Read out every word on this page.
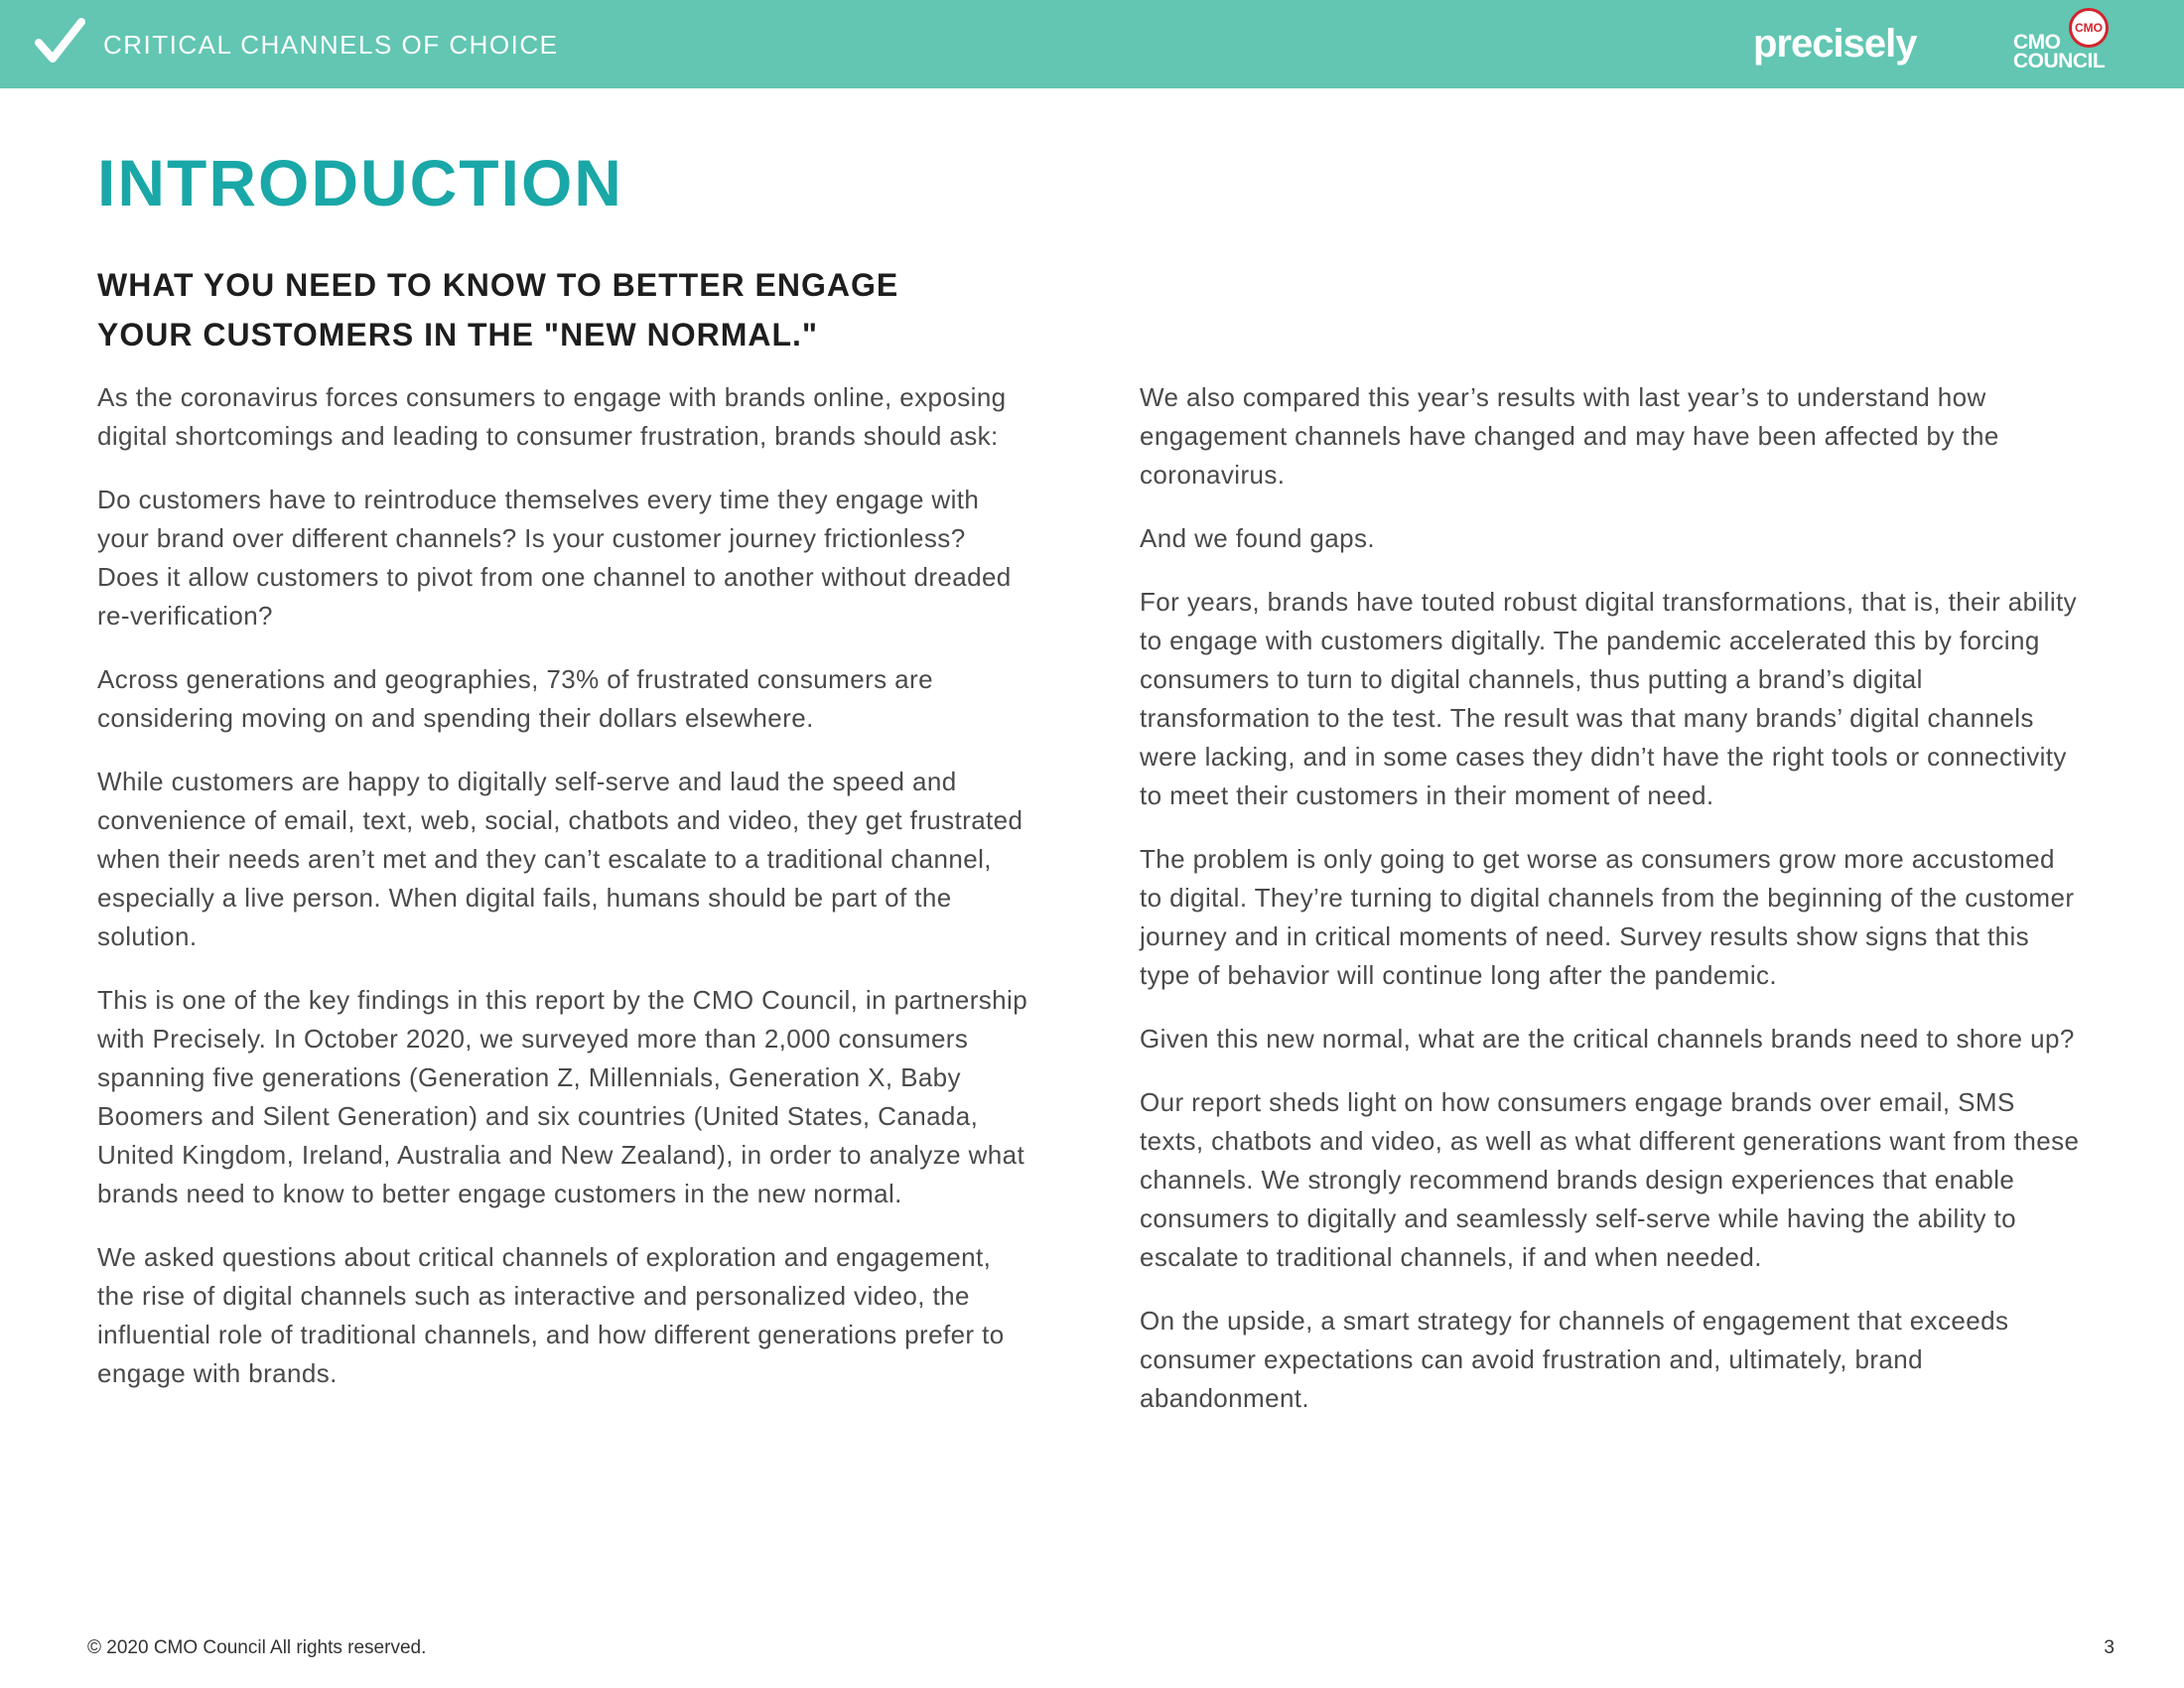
CRITICAL CHANNELS OF CHOICE	precisely	CMO
CMO
COUNCIL
INTRODUCTION
WHAT YOU NEED TO KNOW TO BETTER ENGAGE
YOUR CUSTOMERS IN THE "NEW NORMAL."

As the coronavirus forces consumers to engage with brands online, exposing digital shortcomings and leading to consumer frustration, brands should ask:

Do customers have to reintroduce themselves every time they engage with your brand over different channels? Is your customer journey frictionless? Does it allow customers to pivot from one channel to another without dreaded re-verification?

Across generations and geographies, 73% of frustrated consumers are considering moving on and spending their dollars elsewhere.

While customers are happy to digitally self-serve and laud the speed and convenience of email, text, web, social, chatbots and video, they get frustrated when their needs aren’t met and they can’t escalate to a traditional channel, especially a live person. When digital fails, humans should be part of the solution.

This is one of the key findings in this report by the CMO Council, in partnership with Precisely. In October 2020, we surveyed more than 2,000 consumers spanning five generations (Generation Z, Millennials, Generation X, Baby Boomers and Silent Generation) and six countries (United States, Canada, United Kingdom, Ireland, Australia and New Zealand), in order to analyze what brands need to know to better engage customers in the new normal.

We asked questions about critical channels of exploration and engagement, the rise of digital channels such as interactive and personalized video, the influential role of traditional channels, and how different generations prefer to engage with brands.

We also compared this year’s results with last year’s to understand how engagement channels have changed and may have been affected by the coronavirus.

And we found gaps.

For years, brands have touted robust digital transformations, that is, their ability to engage with customers digitally. The pandemic accelerated this by forcing consumers to turn to digital channels, thus putting a brand’s digital transformation to the test. The result was that many brands’ digital channels were lacking, and in some cases they didn’t have the right tools or connectivity to meet their customers in their moment of need.

The problem is only going to get worse as consumers grow more accustomed to digital. They’re turning to digital channels from the beginning of the customer journey and in critical moments of need. Survey results show signs that this type of behavior will continue long after the pandemic.

Given this new normal, what are the critical channels brands need to shore up?

Our report sheds light on how consumers engage brands over email, SMS texts, chatbots and video, as well as what different generations want from these channels. We strongly recommend brands design experiences that enable consumers to digitally and seamlessly self-serve while having the ability to escalate to traditional channels, if and when needed.

On the upside, a smart strategy for channels of engagement that exceeds consumer expectations can avoid frustration and, ultimately, brand abandonment.

© 2020 CMO Council All rights reserved.	3
